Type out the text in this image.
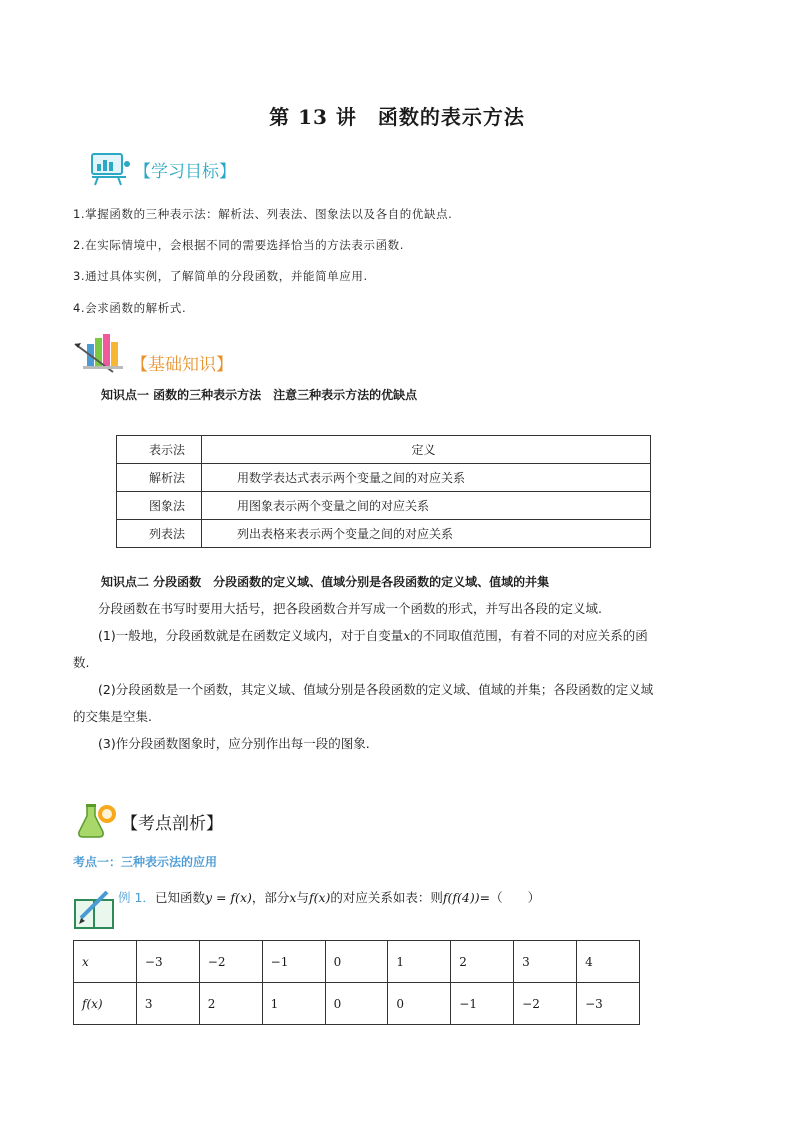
第 13 讲　函数的表示方法
【学习目标】
1.掌握函数的三种表示法：解析法、列表法、图象法以及各自的优缺点.
2.在实际情境中，会根据不同的需要选择恰当的方法表示函数.
3.通过具体实例，了解简单的分段函数，并能简单应用.
4.会求函数的解析式.
【基础知识】
知识点一 函数的三种表示方法　注意三种表示方法的优缺点
表示法	定义
解析法	用数学表达式表示两个变量之间的对应关系
图象法	用图象表示两个变量之间的对应关系
列表法	列出表格来表示两个变量之间的对应关系
知识点二 分段函数　分段函数的定义域、值域分别是各段函数的定义域、值域的并集
分段函数在书写时要用大括号，把各段函数合并写成一个函数的形式，并写出各段的定义域.
(1)一般地，分段函数就是在函数定义域内，对于自变量x的不同取值范围，有着不同的对应关系的函
数.
(2)分段函数是一个函数，其定义域、值域分别是各段函数的定义域、值域的并集；各段函数的定义域
的交集是空集.
(3)作分段函数图象时，应分别作出每一段的图象.
【考点剖析】
考点一：三种表示法的应用
例 1．已知函数y = f(x)，部分x与f(x)的对应关系如表：则f(f(4))=（　　）
x	−3	−2	−1	0	1	2	3	4
f(x)	3	2	1	0	0	−1	−2	−3
